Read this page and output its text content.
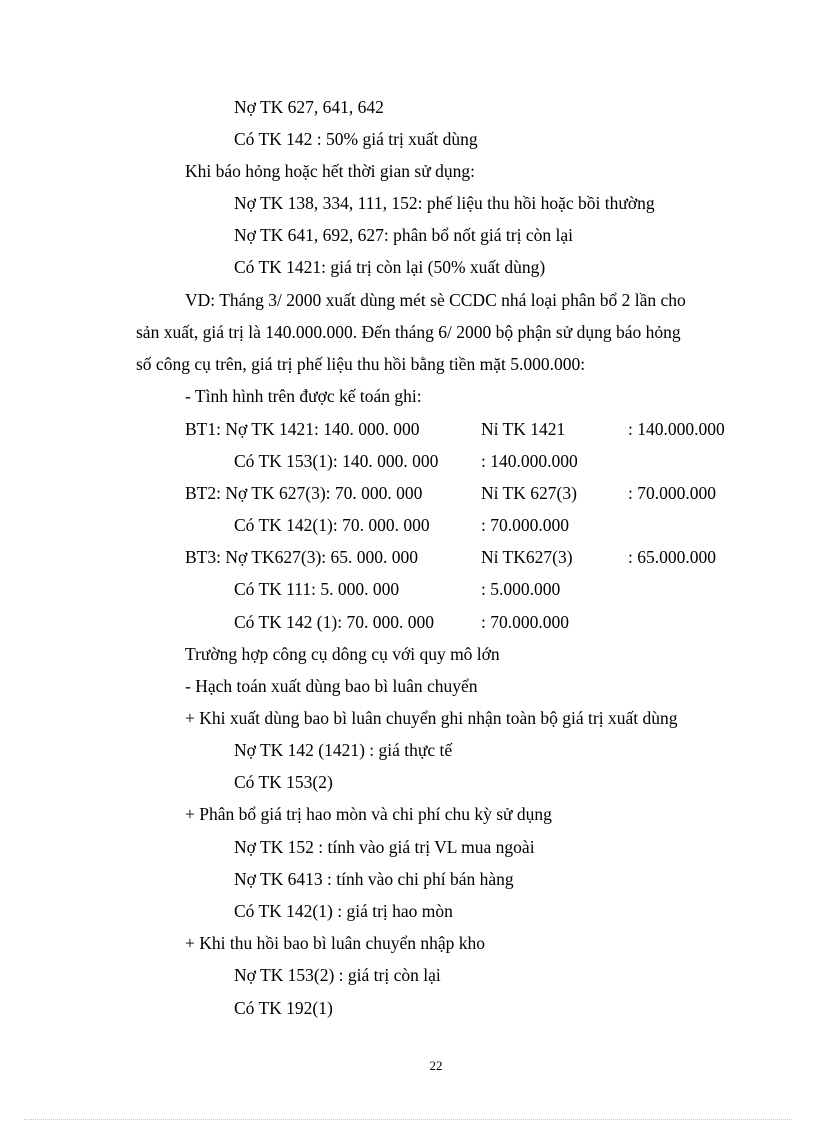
Nợ TK 627, 641, 642
Có TK 142 : 50% giá trị xuất dùng
Khi báo hỏng hoặc hết thời gian sử dụng:
Nợ TK 138, 334, 111, 152: phế liệu thu hồi hoặc bồi thường
Nợ TK 641, 692, 627: phân bổ nốt giá trị còn lại
Có TK 1421: giá trị còn lại (50% xuất dùng)
VD: Tháng 3/ 2000 xuất dùng mét sè CCDC nhá loại phân bổ 2 lần cho
sản xuất, giá trị là 140.000.000. Đến tháng 6/ 2000 bộ phận sử dụng báo hỏng
số công cụ trên, giá trị phế liệu thu hồi bằng tiền mặt 5.000.000:
- Tình hình trên được kế toán ghi:
BT1: Nợ TK 1421: 140. 000. 000	Nỉ TK 1421	: 140.000.000
Có TK 153(1): 140. 000. 000 : 140.000.000
BT2: Nợ TK 627(3): 70. 000. 000	Nỉ TK 627(3)	: 70.000.000
Có TK 142(1): 70. 000. 000	: 70.000.000
BT3: Nợ TK627(3): 65. 000. 000	Nỉ TK627(3)	: 65.000.000
Có TK 111: 5. 000. 000	: 5.000.000
Có TK 142 (1): 70. 000. 000	: 70.000.000
Trường hợp công cụ dông cụ với quy mô lớn
- Hạch toán xuất dùng bao bì luân chuyển
+ Khi xuất dùng bao bì luân chuyển ghi nhận toàn bộ giá trị xuất dùng
Nợ TK 142 (1421) : giá thực tế
Có TK 153(2)
+ Phân bổ giá trị hao mòn và chi phí chu kỳ sử dụng
Nợ TK 152 : tính vào giá trị VL mua ngoài
Nợ TK 6413 : tính vào chi phí bán hàng
Có TK 142(1) : giá trị hao mòn
+ Khi thu hồi bao bì luân chuyển nhập kho
Nợ TK 153(2) : giá trị còn lại
Có TK 192(1)
22
